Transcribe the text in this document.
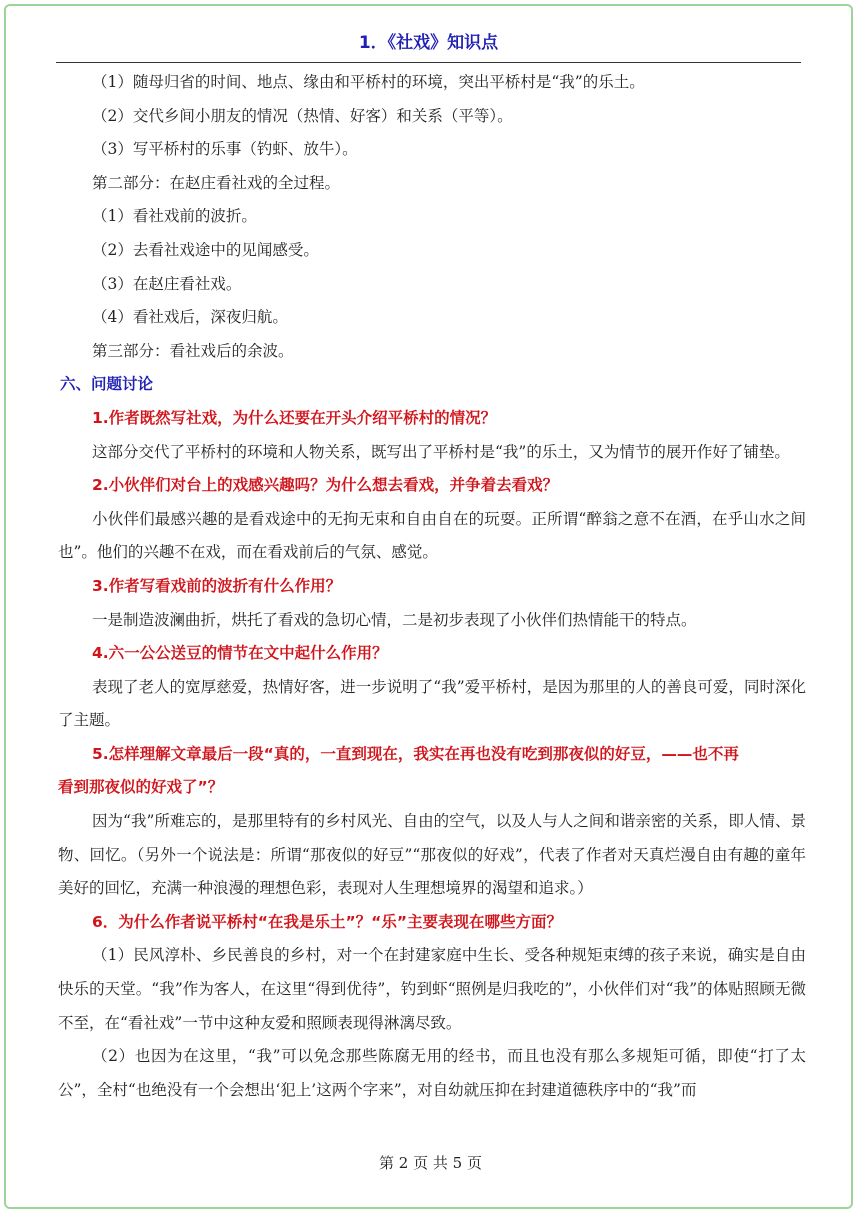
1．《社戏》知识点

（1）随母归省的时间、地点、缘由和平桥村的环境，突出平桥村是“我”的乐土。

（2）交代乡间小朋友的情况（热情、好客）和关系（平等）。

（3）写平桥村的乐事（钓虾、放牛）。

第二部分：在赵庄看社戏的全过程。

（1）看社戏前的波折。

（2）去看社戏途中的见闻感受。

（3）在赵庄看社戏。

（4）看社戏后，深夜归航。

第三部分：看社戏后的余波。

六、问题讨论
1.作者既然写社戏，为什么还要在开头介绍平桥村的情况？

这部分交代了平桥村的环境和人物关系，既写出了平桥村是“我”的乐土，又为情节的展开作好了铺垫。

2.小伙伴们对台上的戏感兴趣吗？为什么想去看戏，并争着去看戏？

小伙伴们最感兴趣的是看戏途中的无拘无束和自由自在的玩耍。正所谓“醉翁之意不在酒，在乎山水之间也”。他们的兴趣不在戏，而在看戏前后的气氛、感觉。

3.作者写看戏前的波折有什么作用？

一是制造波澜曲折，烘托了看戏的急切心情，二是初步表现了小伙伴们热情能干的特点。

4.六一公公送豆的情节在文中起什么作用？

表现了老人的宽厚慈爱，热情好客，进一步说明了“我”爱平桥村，是因为那里的人的善良可爱，同时深化了主题。

5.怎样理解文章最后一段“真的，一直到现在，我实在再也没有吃到那夜似的好豆，——也不再
看到那夜似的好戏了”？

因为“我”所难忘的，是那里特有的乡村风光、自由的空气，以及人与人之间和谐亲密的关系，即人情、景物、回忆。（另外一个说法是：所谓“那夜似的好豆”“那夜似的好戏”，代表了作者对天真烂漫自由有趣的童年美好的回忆，充满一种浪漫的理想色彩，表现对人生理想境界的渴望和追求。）

6．为什么作者说平桥村“在我是乐土”？“乐”主要表现在哪些方面？

（1）民风淳朴、乡民善良的乡村，对一个在封建家庭中生长、受各种规矩束缚的孩子来说，确实是自由快乐的天堂。“我”作为客人，在这里“得到优待”，钓到虾“照例是归我吃的”，小伙伴们对“我”的体贴照顾无微不至，在“看社戏”一节中这种友爱和照顾表现得淋漓尽致。

（2）也因为在这里，“我”可以免念那些陈腐无用的经书，而且也没有那么多规矩可循，即使“打了太公”，全村“也绝没有一个会想出‘犯上’这两个字来”，对自幼就压抑在封建道德秩序中的“我”而

第 2 页 共 5 页
